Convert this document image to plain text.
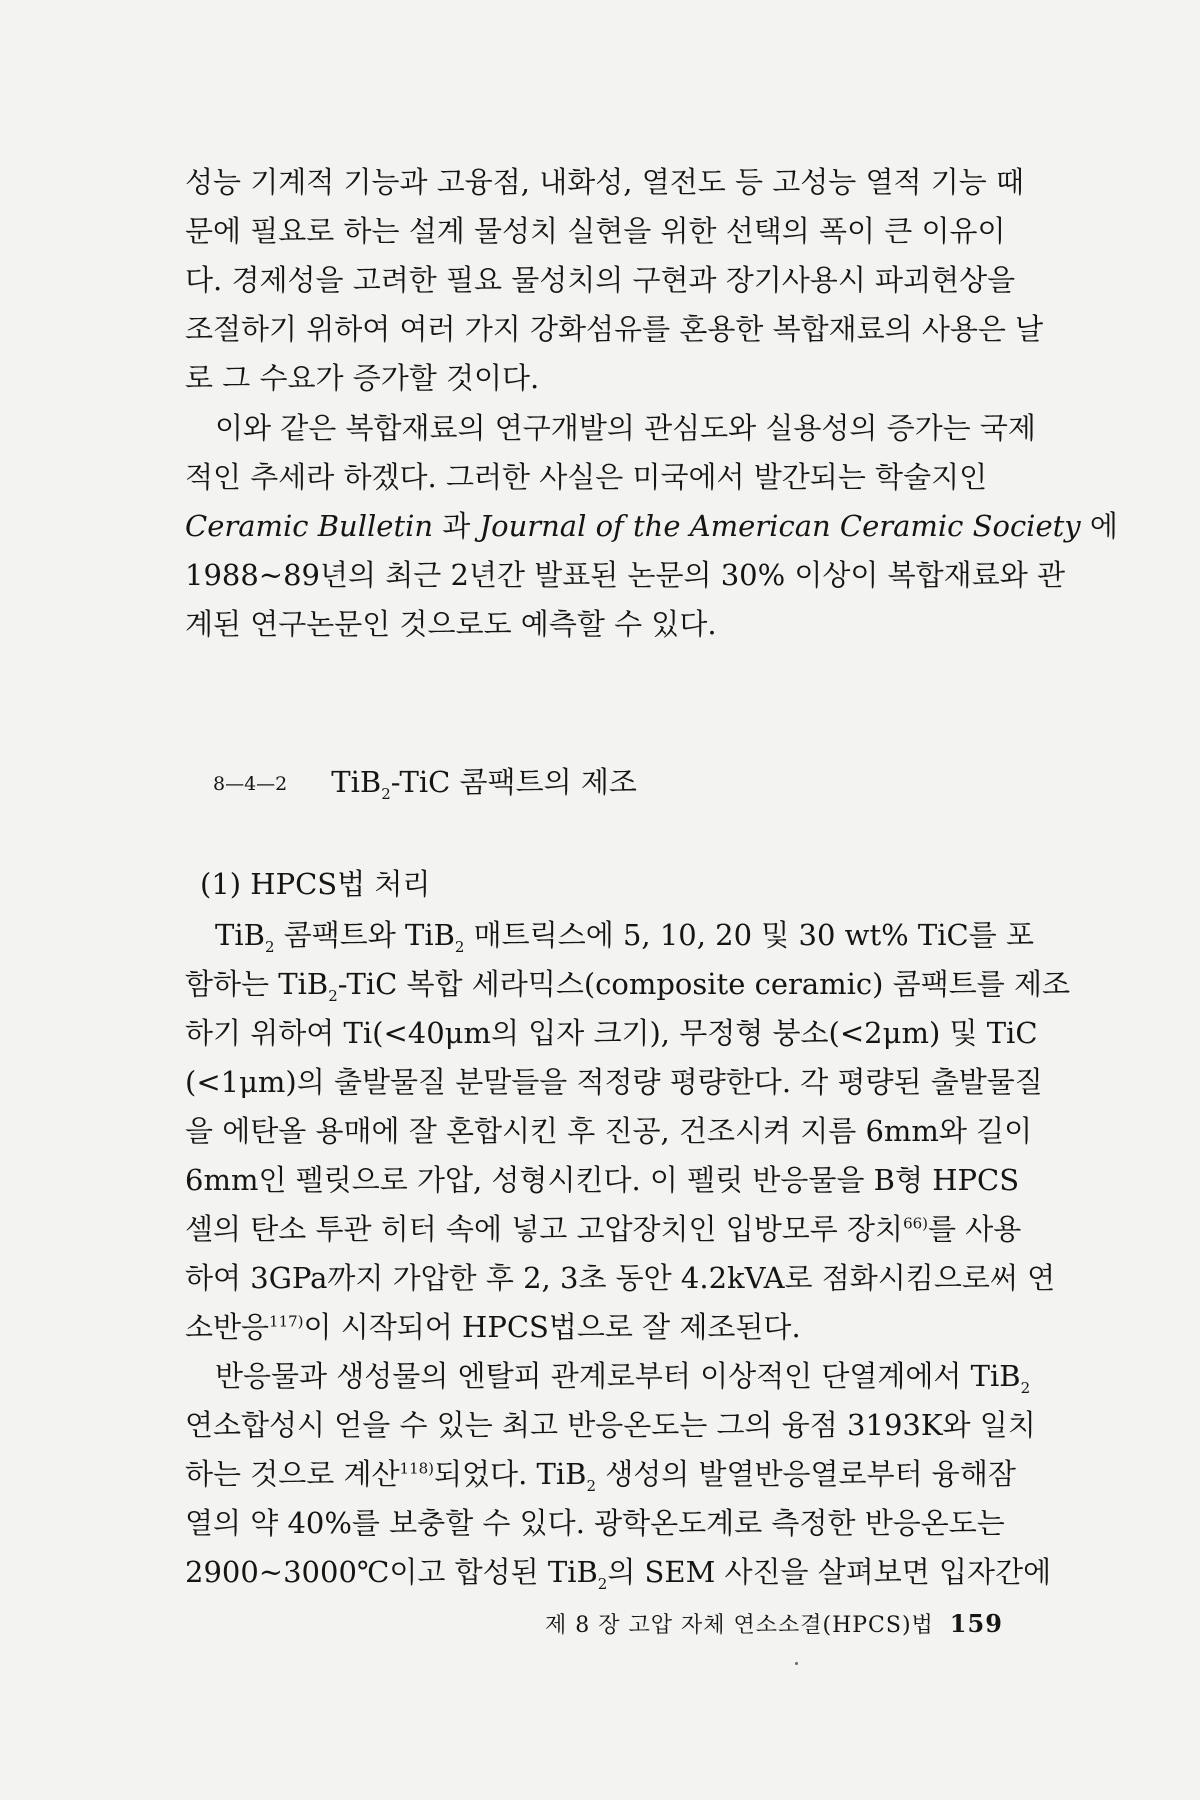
성능 기계적 기능과 고융점, 내화성, 열전도 등 고성능 열적 기능 때
문에 필요로 하는 설계 물성치 실현을 위한 선택의 폭이 큰 이유이
다. 경제성을 고려한 필요 물성치의 구현과 장기사용시 파괴현상을
조절하기 위하여 여러 가지 강화섬유를 혼용한 복합재료의 사용은 날
로 그 수요가 증가할 것이다.

이와 같은 복합재료의 연구개발의 관심도와 실용성의 증가는 국제
적인 추세라 하겠다. 그러한 사실은 미국에서 발간되는 학술지인
Ceramic Bulletin 과 Journal of the American Ceramic Society 에
1988~89년의 최근 2년간 발표된 논문의 30% 이상이 복합재료와 관
계된 연구논문인 것으로도 예측할 수 있다.

8—4—2 TiB$_2$-TiC 콤팩트의 제조
(1) HPCS법 처리

TiB$_2$ 콤팩트와 TiB$_2$ 매트릭스에 5, 10, 20 및 30 wt% TiC를 포
함하는 TiB$_2$-TiC 복합 세라믹스(composite ceramic) 콤팩트를 제조
하기 위하여 Ti(<40μm의 입자 크기), 무정형 붕소(<2μm) 및 TiC
(<1μm)의 출발물질 분말들을 적정량 평량한다. 각 평량된 출발물질
을 에탄올 용매에 잘 혼합시킨 후 진공, 건조시켜 지름 6mm와 길이
6mm인 펠릿으로 가압, 성형시킨다. 이 펠릿 반응물을 B형 HPCS
셀의 탄소 투관 히터 속에 넣고 고압장치인 입방모루 장치$^{66)}$를 사용
하여 3GPa까지 가압한 후 2, 3초 동안 4.2kVA로 점화시킴으로써 연
소반응$^{117)}$이 시작되어 HPCS법으로 잘 제조된다.

반응물과 생성물의 엔탈피 관계로부터 이상적인 단열계에서 TiB$_2$
연소합성시 얻을 수 있는 최고 반응온도는 그의 융점 3193K와 일치
하는 것으로 계산$^{118)}$되었다. TiB$_2$ 생성의 발열반응열로부터 융해잠
열의 약 40%를 보충할 수 있다. 광학온도계로 측정한 반응온도는
2900~3000℃이고 합성된 TiB$_2$의 SEM 사진을 살펴보면 입자간에

제 8 장 고압 자체 연소소결(HPCS)법 159
